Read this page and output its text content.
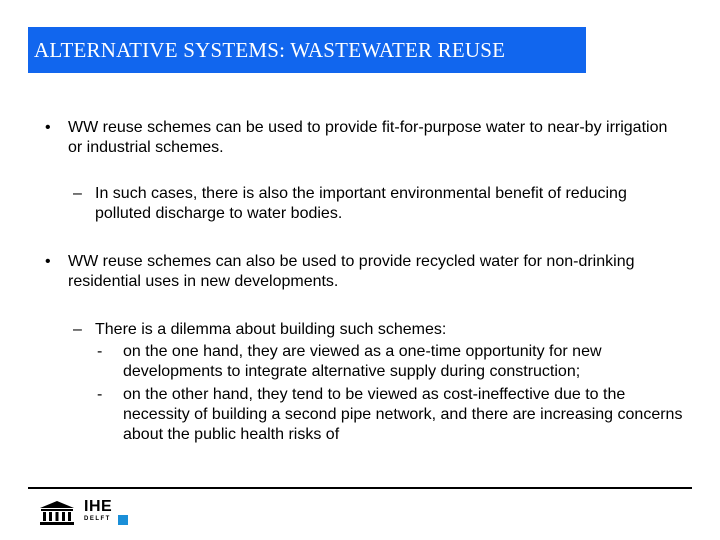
ALTERNATIVE SYSTEMS: WASTEWATER REUSE
• WW reuse schemes can be used to provide fit-for-purpose water to near-by irrigation or industrial schemes.
– In such cases, there is also the important environmental benefit of reducing polluted discharge to water bodies.
• WW reuse schemes can also be used to provide recycled water for non-drinking residential uses in new developments.
– There is a dilemma about building such schemes:
- on the one hand, they are viewed as a one-time opportunity for new developments to integrate alternative supply during construction;
- on the other hand, they tend to be viewed as cost-ineffective due to the necessity of building a second pipe network, and there are increasing concerns about the public health risks of
IHE
DELFT
